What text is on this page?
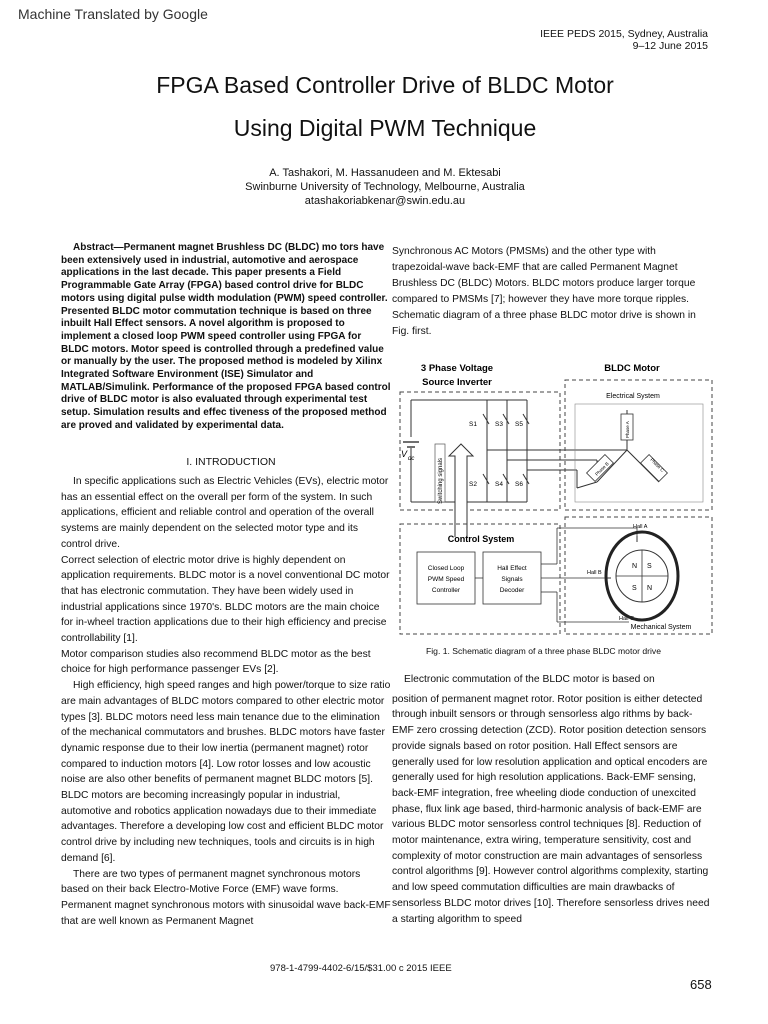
Machine Translated by Google
IEEE PEDS 2015, Sydney, Australia
9–12 June 2015
FPGA Based Controller Drive of BLDC Motor
Using Digital PWM Technique
A. Tashakori, M. Hassanudeen and M. Ektesabi
Swinburne University of Technology, Melbourne, Australia
atashakoriabkenar@swin.edu.au
Abstract—Permanent magnet Brushless DC (BLDC) mo tors have been extensively used in industrial, automotive and aerospace applications in the last decade. This paper presents a Field Programmable Gate Array (FPGA) based control drive for BLDC motors using digital pulse width modulation (PWM) speed controller. Presented BLDC motor commutation technique is based on three inbuilt Hall Effect sensors. A novel algorithm is proposed to implement a closed loop PWM speed controller using FPGA for BLDC motors. Motor speed is controlled through a predefined value or manually by the user. The proposed method is modeled by Xilinx Integrated Software Environment (ISE) Simulator and MATLAB/Simulink. Performance of the proposed FPGA based control drive of BLDC motor is also evaluated through experimental test setup. Simulation results and effec tiveness of the proposed method are proved and validated by experimental data.
I. INTRODUCTION

In specific applications such as Electric Vehicles (EVs), electric motor has an essential effect on the overall per form of the system. In such applications, efficient and reliable control and operation of the overall systems are mainly dependent on the selected motor type and its control drive.

Correct selection of electric motor drive is highly dependent on application requirements. BLDC motor is a novel conventional DC motor that has electronic commutation. They have been widely used in industrial applications since 1970's. BLDC motors are the main choice for in-wheel traction applications due to their high efficiency and precise controllability [1].

Motor comparison studies also recommend BLDC motor as the best choice for high performance passenger EVs [2].

High efficiency, high speed ranges and high power/torque to size ratio are main advantages of BLDC motors compared to other electric motor types [3]. BLDC motors need less main tenance due to the elimination of the mechanical commutators and brushes. BLDC motors have faster dynamic response due to their low inertia (permanent magnet) rotor compared to induction motors [4]. Low rotor losses and low acoustic noise are also other benefits of permanent magnet BLDC motors [5]. BLDC motors are becoming increasingly popular in industrial, automotive and robotics application nowadays due to their immediate advantages. Therefore a developing low cost and efficient BLDC motor control drive by including new techniques, tools and circuits is in high demand [6].

There are two types of permanent magnet synchronous motors based on their back Electro-Motive Force (EMF) wave forms. Permanent magnet synchronous motors with sinusoidal wave back-EMF that are well known as Permanent Magnet

Synchronous AC Motors (PMSMs) and the other type with trapezoidal-wave back-EMF that are called Permanent Magnet Brushless DC (BLDC) Motors. BLDC motors produce larger torque compared to PMSMs [7]; however they have more torque ripples. Schematic diagram of a three phase BLDC motor drive is shown in Fig. first.
3 Phase Voltage
Source Inverter
BLDC Motor
V dc	Switching signals
S1	S3 S5
S2	S4 S6
Electrical System
Phase A
Phase B	Phase C
Control System
Closed Loop
PWM Speed
Controller
Hall Effect
Signals
Decoder
Hall A
Hall B
Hall C
N S
S N
Mechanical System
Fig. 1. Schematic diagram of a three phase BLDC motor drive

Electronic commutation of the BLDC motor is based on

position of permanent magnet rotor. Rotor position is either detected through inbuilt sensors or through sensorless algo rithms by back-EMF zero crossing detection (ZCD). Rotor position detection sensors provide signals based on rotor position. Hall Effect sensors are generally used for low resolution application and optical encoders are generally used for high resolution applications. Back-EMF sensing, back-EMF integration, free wheeling diode conduction of unexcited phase, flux link age based, third-harmonic analysis of back-EMF are various BLDC motor sensorless control techniques [8]. Reduction of motor maintenance, extra wiring, temperature sensitivity, cost and complexity of motor construction are main advantages of sensorless control algorithms [9]. However control algorithms complexity, starting and low speed commutation difficulties are main drawbacks of sensorless BLDC motor drives [10]. Therefore sensorless drives need a starting algorithm to speed

978-1-4799-4402-6/15/$31.00 c 2015 IEEE
658
